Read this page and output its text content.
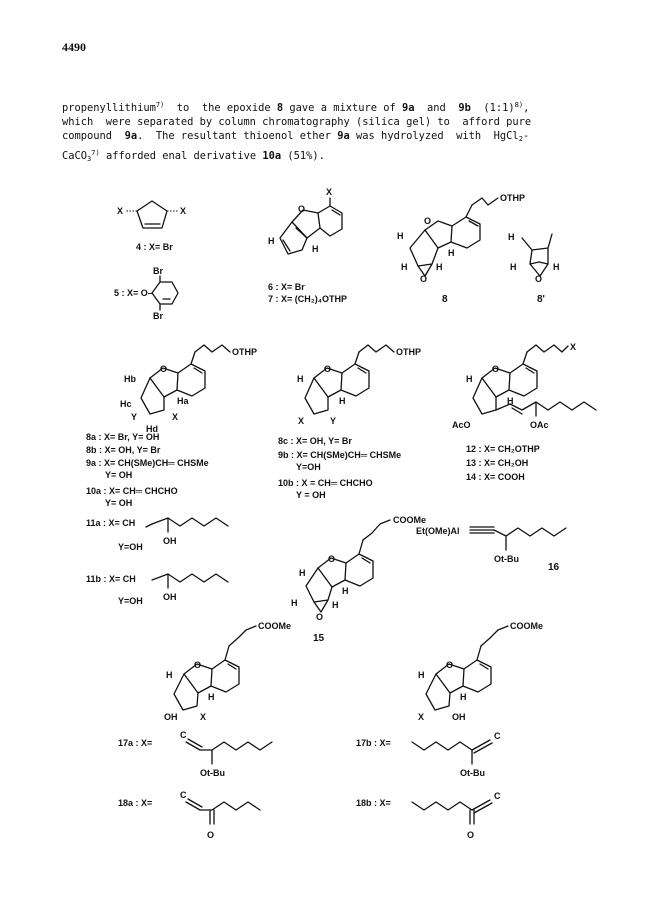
4490
propenyllithium$^{7)}$  to  the epoxide 8 gave a mixture of 9a  and  9b  (1:1)$^{8)}$,
which  were separated by column chromatography (silica gel) to  afford pure
compound  9a.  The resultant thioenol ether 9a was hydrolyzed  with  HgCl$_2$-
CaCO$_3^{7)}$ afforded enal derivative 10a (51%).
X	X
4 : X= Br
5 : X= O–
Br
Br
X
O
H
H
6 : X= Br
7 : X= (CH₂)₄OTHP
OTHP
O
H
H
H	H
O
8
H
H	H
O
8'
OTHP
O
Hb
Ha
Hc
Y	X
Hd
8a : X= Br, Y= OH
8b : X= OH, Y= Br
9a : X= CH(SMe)CH═ CHSMe
Y= OH
10a : X= CH═ CHCHO
Y= OH
11a : X= CH
OH
Y=OH
11b : X= CH
OH
Y=OH
OTHP
O
H
H
X	Y
8c : X= OH, Y= Br
9b : X= CH(SMe)CH═ CHSMe
Y=OH
10b : X = CH═ CHCHO
Y = OH
X
O
H
H
AcO	OAc
12 : X= CH₂OTHP
13 : X= CH₂OH
14 : X= COOH
COOMe
O
H
H
H	H
O
15
Et(OMe)Al
Ot-Bu
16
COOMe
O
H
H
OH	X
17a : X=
C
Ot-Bu
18a : X=
C
O
COOMe
O
H
H
X	OH
17b : X=
C
Ot-Bu
18b : X=
C
O
